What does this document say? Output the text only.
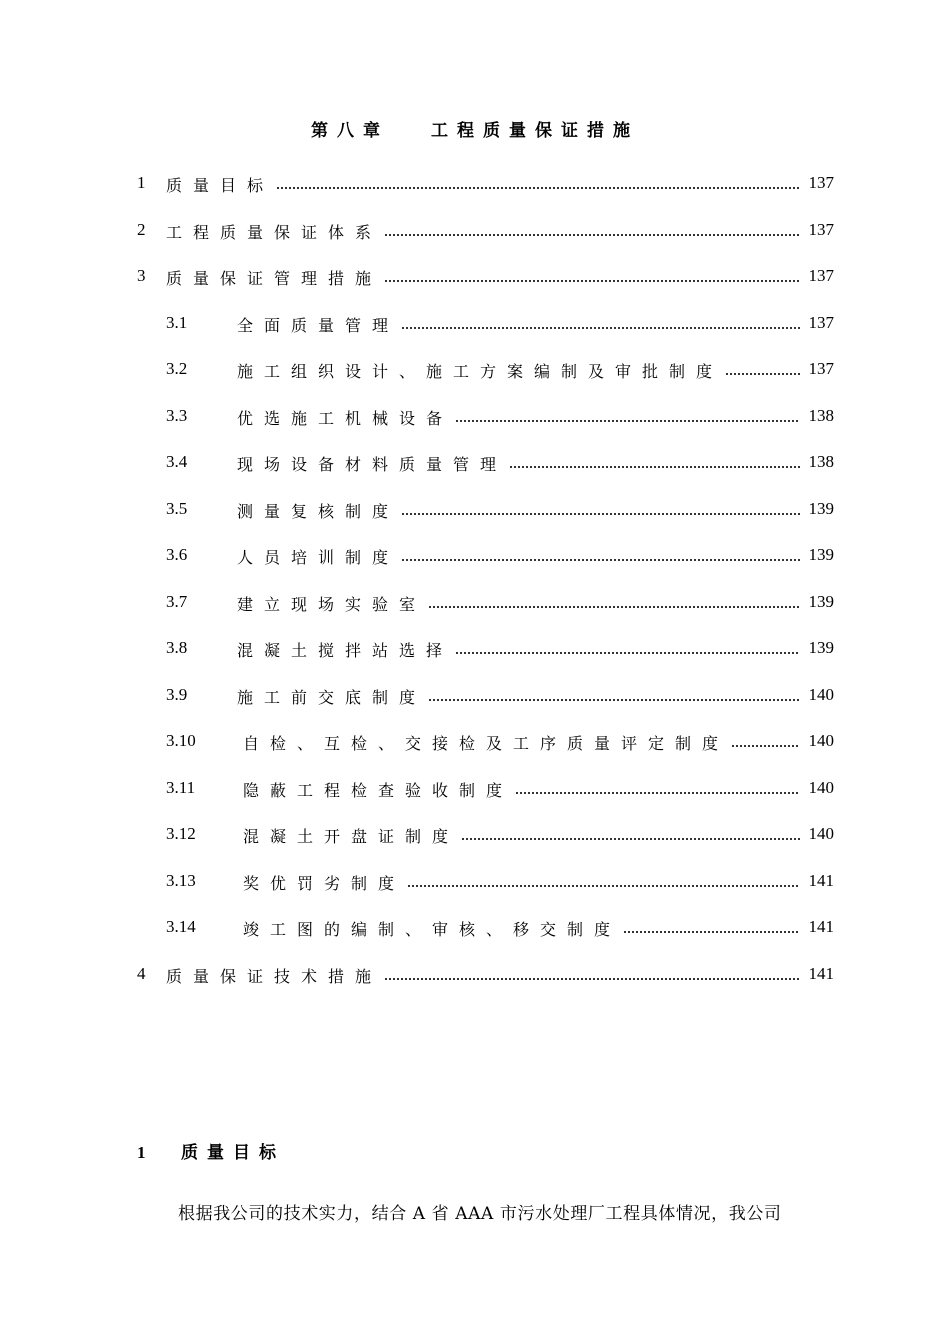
第八章 工程质量保证措施
1 质量目标	137
2 工程质量保证体系	137
3 质量保证管理措施	137
3.1	全面质量管理	137
3.2	施工组织设计、施工方案编制及审批制度	137
3.3	优选施工机械设备	138
3.4	现场设备材料质量管理	138
3.5	测量复核制度	139
3.6	人员培训制度	139
3.7	建立现场实验室	139
3.8	混凝土搅拌站选择	139
3.9	施工前交底制度	140
3.10	自检、互检、交接检及工序质量评定制度	140
3.11	隐蔽工程检查验收制度	140
3.12	混凝土开盘证制度	140
3.13	奖优罚劣制度	141
3.14	竣工图的编制、审核、移交制度	141
4 质量保证技术措施	141
1 质量目标
根据我公司的技术实力，结合 A 省 AAA 市污水处理厂工程具体情况，我公司
